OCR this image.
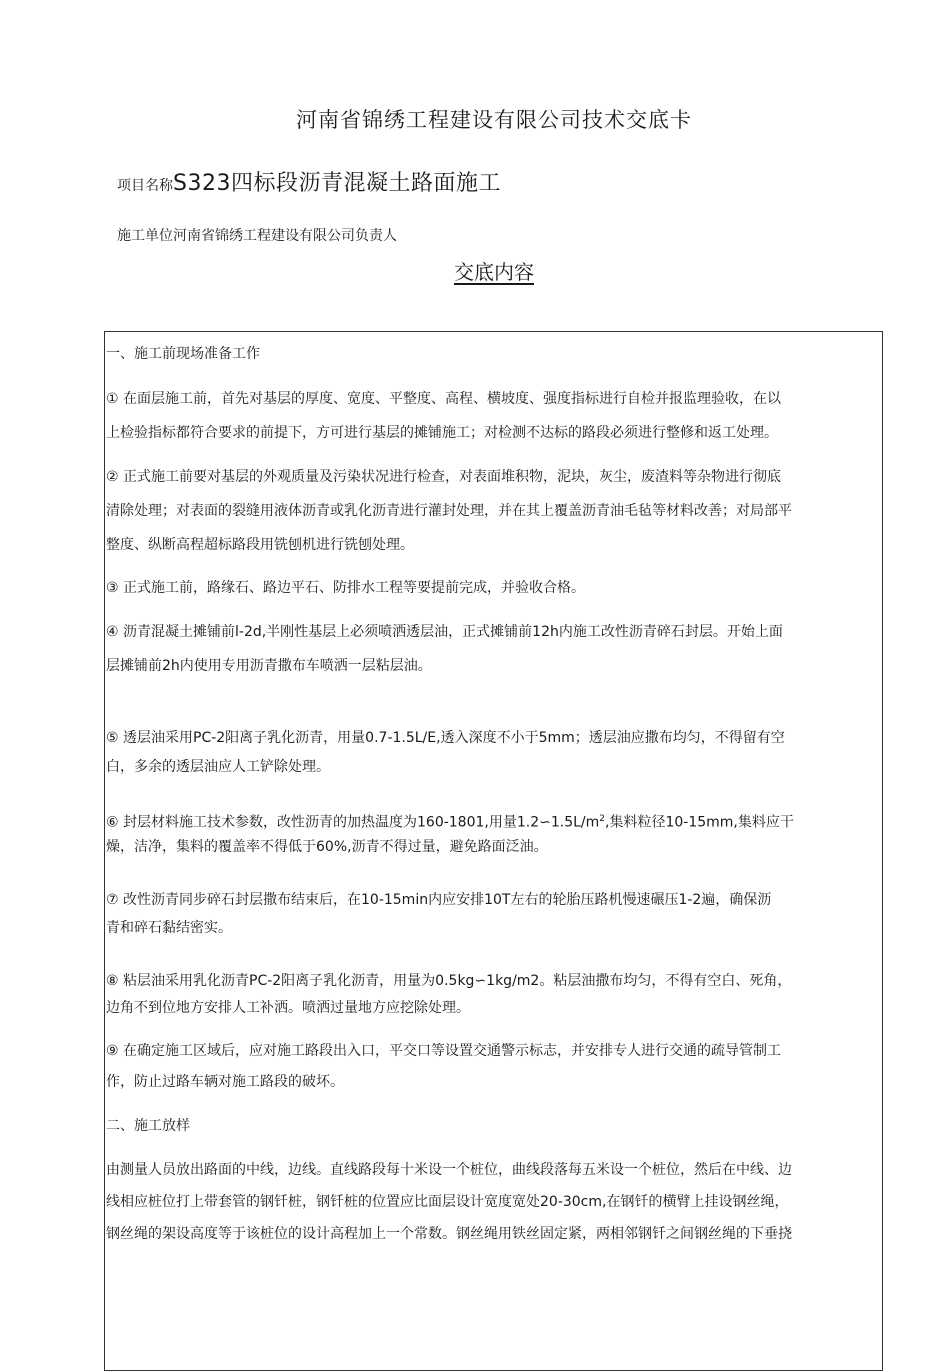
河南省锦绣工程建设有限公司技术交底卡
项目名称S323四标段沥青混凝土路面施工
施工单位河南省锦绣工程建设有限公司负责人
交底内容
一、施工前现场准备工作
① 在面层施工前，首先对基层的厚度、宽度、平整度、高程、横坡度、强度指标进行自检并报监理验收，在以
上检验指标都符合要求的前提下，方可进行基层的摊铺施工；对检测不达标的路段必须进行整修和返工处理。
② 正式施工前要对基层的外观质量及污染状况进行检查，对表面堆积物，泥块，灰尘，废渣料等杂物进行彻底
清除处理；对表面的裂缝用液体沥青或乳化沥青进行灌封处理，并在其上覆盖沥青油毛毡等材料改善；对局部平
整度、纵断高程超标路段用铣刨机进行铣刨处理。
③ 正式施工前，路缘石、路边平石、防排水工程等要提前完成，并验收合格。
④ 沥青混凝土摊铺前l-2d,半刚性基层上必须喷洒透层油，正式摊铺前12h内施工改性沥青碎石封层。开始上面
层摊铺前2h内使用专用沥青撒布车喷洒一层粘层油。
⑤ 透层油采用PC-2阳离子乳化沥青，用量0.7-1.5L/E,透入深度不小于5mm；透层油应撒布均匀，不得留有空
白，多余的透层油应人工铲除处理。
⑥ 封层材料施工技术参数，改性沥青的加热温度为160-1801,用量$1.2∽1.5L/m^2$,集料粒径10-15mm,集料应干
燥，洁净，集料的覆盖率不得低于60%,沥青不得过量，避免路面泛油。
⑦ 改性沥青同步碎石封层撒布结束后，在10-15min内应安排10T左右的轮胎压路机慢速碾压1-2遍，确保沥
青和碎石黏结密实。
⑧ 粘层油采用乳化沥青PC-2阳离子乳化沥青，用量为0.5kg∽1kg/m2。粘层油撒布均匀，不得有空白、死角，
边角不到位地方安排人工补洒。喷洒过量地方应挖除处理。
⑨ 在确定施工区域后，应对施工路段出入口，平交口等设置交通警示标志，并安排专人进行交通的疏导管制工
作，防止过路车辆对施工路段的破坏。
二、施工放样
由测量人员放出路面的中线，边线。直线路段每十米设一个桩位，曲线段落每五米设一个桩位，然后在中线、边
线相应桩位打上带套管的钢钎桩，钢钎桩的位置应比面层设计宽度宽处20-30cm,在钢钎的横臂上挂设钢丝绳，
钢丝绳的架设高度等于该桩位的设计高程加上一个常数。钢丝绳用铁丝固定紧，两相邻钢钎之间钢丝绳的下垂挠
